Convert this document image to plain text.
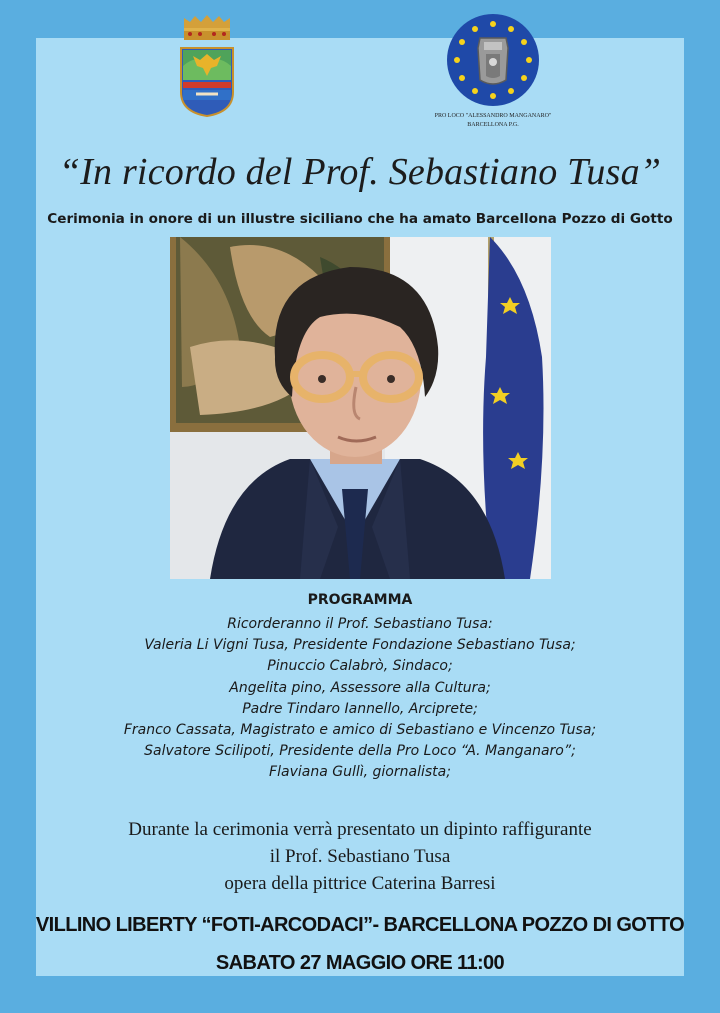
PRO LOCO "ALESSANDRO MANGANARO"
BARCELLONA P.G.
“In ricordo del Prof. Sebastiano Tusa”
Cerimonia in onore di un illustre siciliano che ha amato Barcellona Pozzo di Gotto
PROGRAMMA
Ricorderanno il Prof. Sebastiano Tusa:
Valeria Li Vigni Tusa, Presidente Fondazione Sebastiano Tusa;
Pinuccio Calabrò, Sindaco;
Angelita pino, Assessore alla Cultura;
Padre Tindaro Iannello, Arciprete;
Franco Cassata, Magistrato e amico di Sebastiano e Vincenzo Tusa;
Salvatore Scilipoti, Presidente della Pro Loco “A. Manganaro”;
Flaviana Gullì, giornalista;
Durante la cerimonia verrà presentato un dipinto raffigurante
il Prof. Sebastiano Tusa
opera della pittrice Caterina Barresi
VILLINO LIBERTY “FOTI-ARCODACI”- BARCELLONA POZZO DI GOTTO
SABATO 27 MAGGIO ORE 11:00
